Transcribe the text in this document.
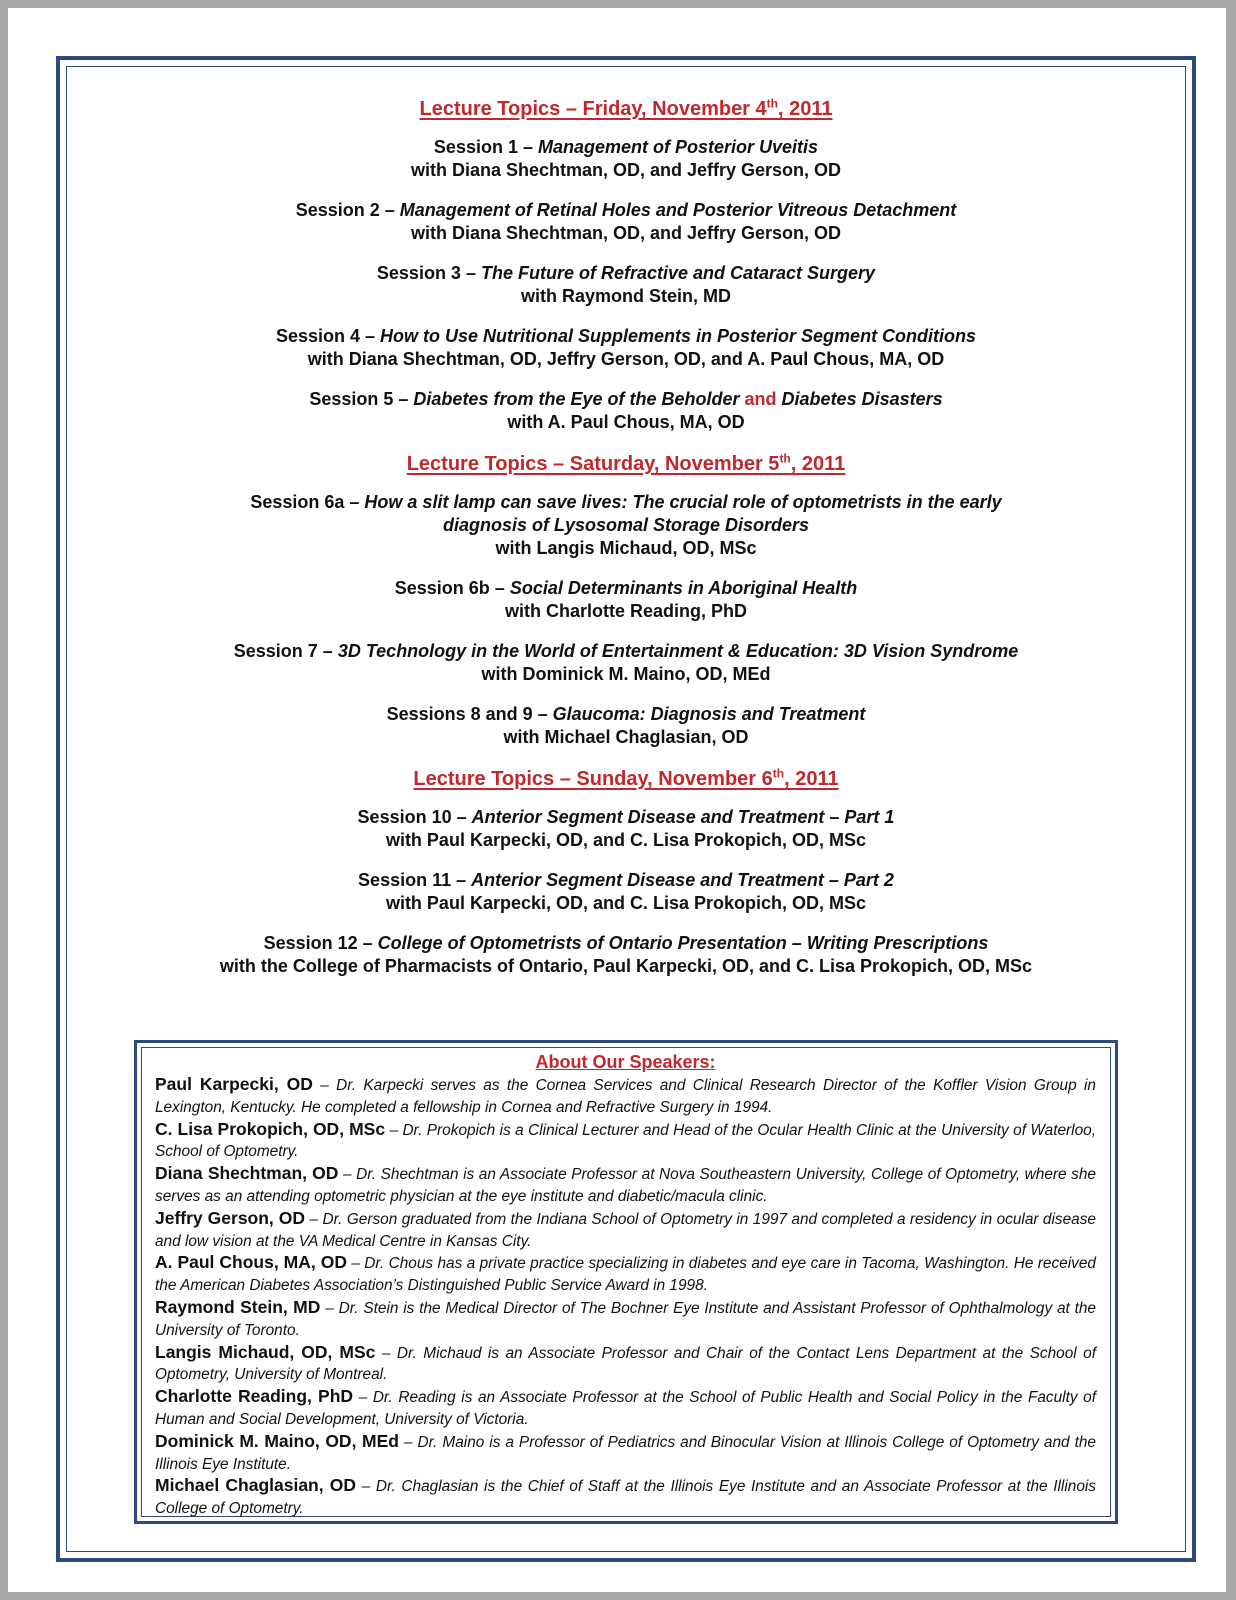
Lecture Topics – Friday, November 4th, 2011
Session 1 – Management of Posterior Uveitis
with Diana Shechtman, OD, and Jeffry Gerson, OD
Session 2 – Management of Retinal Holes and Posterior Vitreous Detachment
with Diana Shechtman, OD, and Jeffry Gerson, OD
Session 3 – The Future of Refractive and Cataract Surgery
with Raymond Stein, MD
Session 4 – How to Use Nutritional Supplements in Posterior Segment Conditions
with Diana Shechtman, OD, Jeffry Gerson, OD, and A. Paul Chous, MA, OD
Session 5 – Diabetes from the Eye of the Beholder and Diabetes Disasters
with A. Paul Chous, MA, OD
Lecture Topics – Saturday, November 5th, 2011
Session 6a – How a slit lamp can save lives: The crucial role of optometrists in the early
diagnosis of Lysosomal Storage Disorders
with Langis Michaud, OD, MSc
Session 6b – Social Determinants in Aboriginal Health
with Charlotte Reading, PhD
Session 7 – 3D Technology in the World of Entertainment & Education: 3D Vision Syndrome
with Dominick M. Maino, OD, MEd
Sessions 8 and 9 – Glaucoma: Diagnosis and Treatment
with Michael Chaglasian, OD
Lecture Topics – Sunday, November 6th, 2011
Session 10 – Anterior Segment Disease and Treatment – Part 1
with Paul Karpecki, OD, and C. Lisa Prokopich, OD, MSc
Session 11 – Anterior Segment Disease and Treatment – Part 2
with Paul Karpecki, OD, and C. Lisa Prokopich, OD, MSc
Session 12 – College of Optometrists of Ontario Presentation – Writing Prescriptions
with the College of Pharmacists of Ontario, Paul Karpecki, OD, and C. Lisa Prokopich, OD, MSc
About Our Speakers:

Paul Karpecki, OD – Dr. Karpecki serves as the Cornea Services and Clinical Research Director of the Koffler Vision Group in Lexington, Kentucky. He completed a fellowship in Cornea and Refractive Surgery in 1994.

C. Lisa Prokopich, OD, MSc – Dr. Prokopich is a Clinical Lecturer and Head of the Ocular Health Clinic at the University of Waterloo, School of Optometry.

Diana Shechtman, OD – Dr. Shechtman is an Associate Professor at Nova Southeastern University, College of Optometry, where she serves as an attending optometric physician at the eye institute and diabetic/macula clinic.

Jeffry Gerson, OD – Dr. Gerson graduated from the Indiana School of Optometry in 1997 and completed a residency in ocular disease and low vision at the VA Medical Centre in Kansas City.

A. Paul Chous, MA, OD – Dr. Chous has a private practice specializing in diabetes and eye care in Tacoma, Washington. He received the American Diabetes Association’s Distinguished Public Service Award in 1998.

Raymond Stein, MD – Dr. Stein is the Medical Director of The Bochner Eye Institute and Assistant Professor of Ophthalmology at the University of Toronto.

Langis Michaud, OD, MSc – Dr. Michaud is an Associate Professor and Chair of the Contact Lens Department at the School of Optometry, University of Montreal.

Charlotte Reading, PhD – Dr. Reading is an Associate Professor at the School of Public Health and Social Policy in the Faculty of Human and Social Development, University of Victoria.

Dominick M. Maino, OD, MEd – Dr. Maino is a Professor of Pediatrics and Binocular Vision at Illinois College of Optometry and the Illinois Eye Institute.

Michael Chaglasian, OD – Dr. Chaglasian is the Chief of Staff at the Illinois Eye Institute and an Associate Professor at the Illinois College of Optometry.
